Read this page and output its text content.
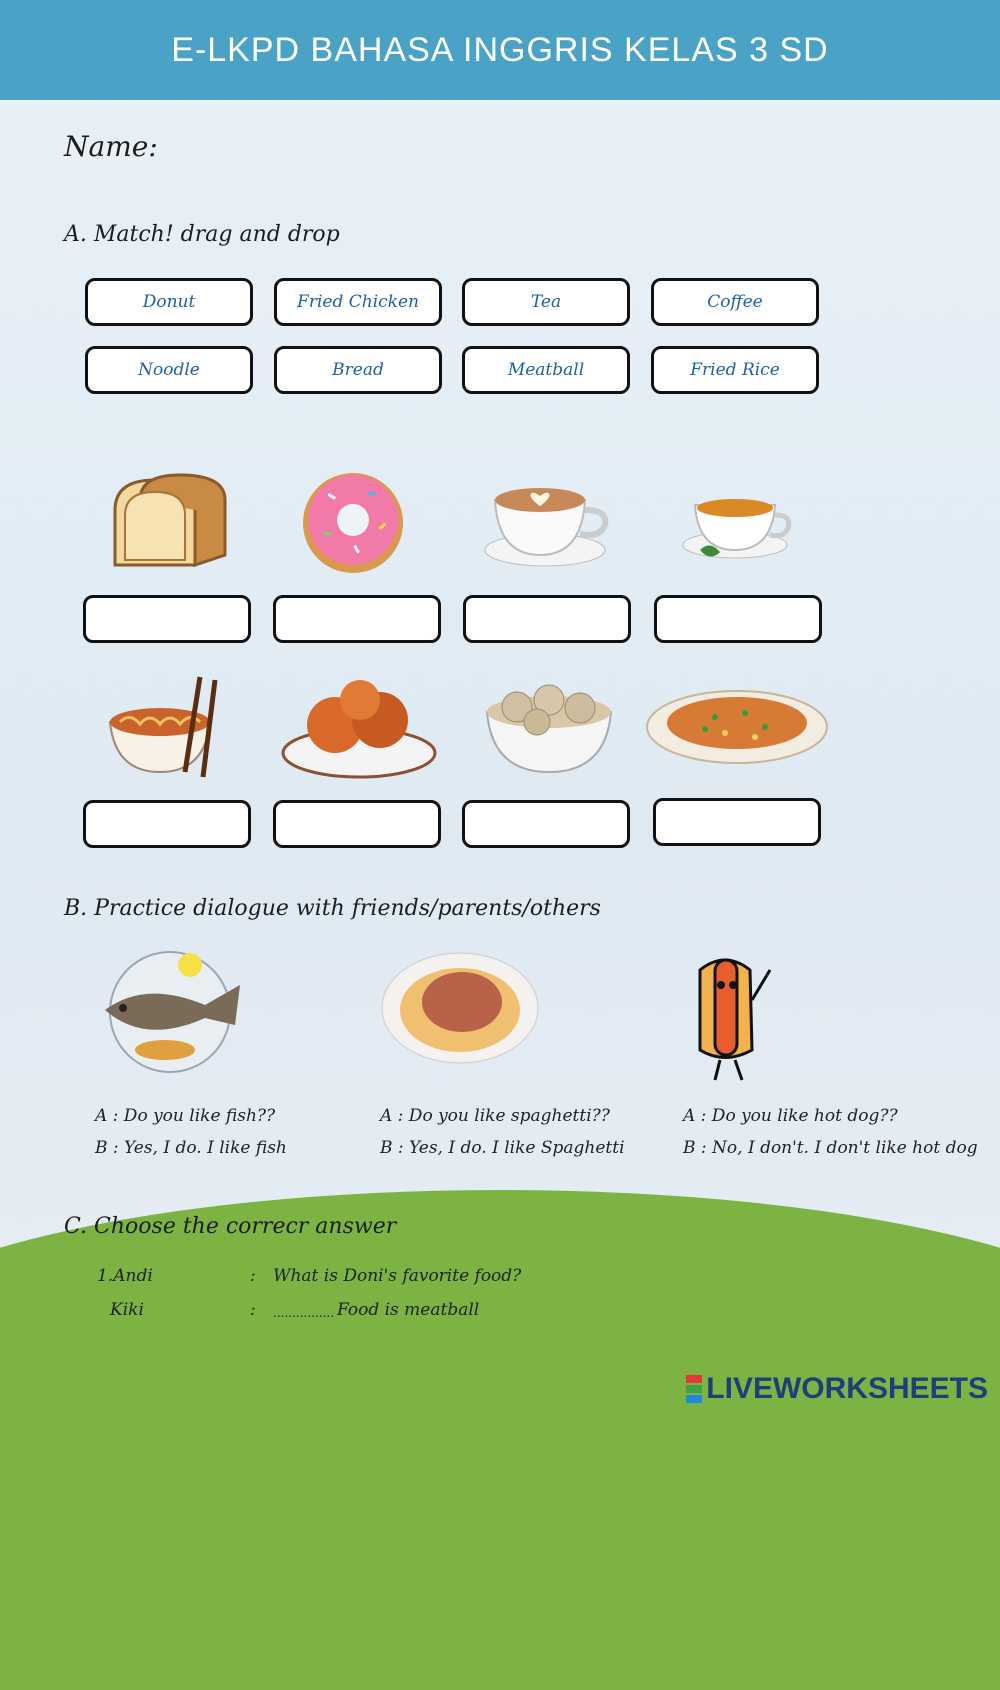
E-LKPD BAHASA INGGRIS KELAS 3 SD
Name:
A. Match! drag and drop
Donut	Fried Chicken	Tea	Coffee
Noodle	Bread	Meatball	Fried Rice
B. Practice dialogue with friends/parents/others
A : Do you like fish??
B : Yes, I do. I like fish
A : Do you like spaghetti??
B : Yes, I do. I like Spaghetti
A : Do you like hot dog??
B : No, I don't. I don't like hot dog
C. Choose the correcr answer
1.Andi	: What is Doni's favorite food?
Kiki	: ................ Food is meatball
LIVEWORKSHEETS
